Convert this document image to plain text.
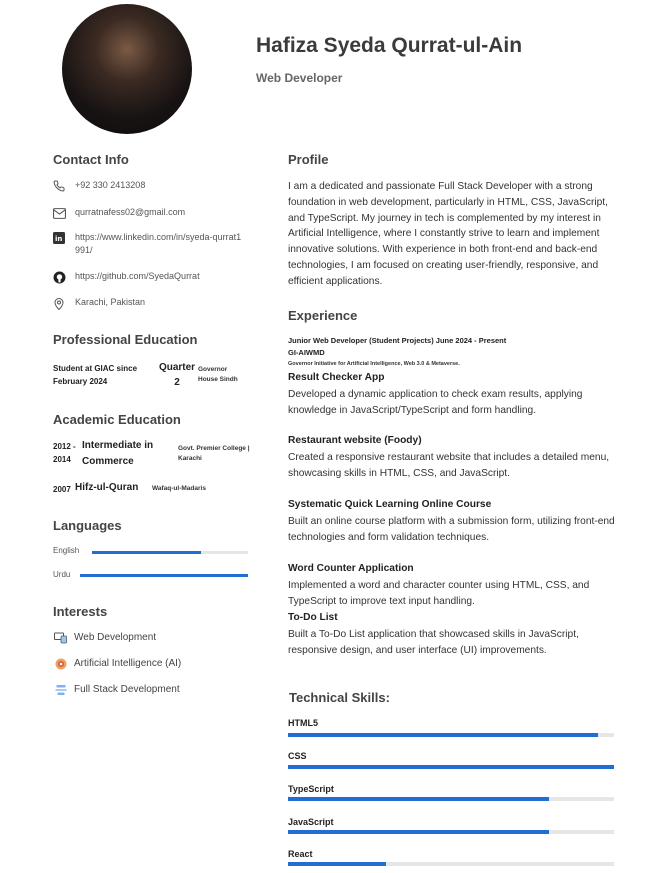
Hafiza Syeda Qurrat-ul-Ain
Web Developer
Contact Info
+92 330 2413208
qurratnafess02@gmail.com
in https://www.linkedin.com/in/syeda-qurrat1991/
https://github.com/SyedaQurrat
Karachi, Pakistan
Professional Education
Student at GIAC since February 2024
Quarter 2
Governor House Sindh
Academic Education
2012 - 2014
Intermediate in Commerce
Govt. Premier College | Karachi
2007 Hifz-ul-Quran Wafaq-ul-Madaris
Languages
English
Urdu
Interests
Web Development
Artificial Intelligence (AI)
Full Stack Development
Profile
I am a dedicated and passionate Full Stack Developer with a strong foundation in web development, particularly in HTML, CSS, JavaScript, and TypeScript. My journey in tech is complemented by my interest in Artificial Intelligence, where I constantly strive to learn and implement innovative solutions. With experience in both front-end and back-end technologies, I am focused on creating user-friendly, responsive, and efficient applications.
Experience
Junior Web Developer (Student Projects) June 2024 - Present
GI-AIWMD
Governor Initiative for Artificial Intelligence, Web 3.0 & Metaverse.
Result Checker App
Developed a dynamic application to check exam results, applying knowledge in JavaScript/TypeScript and form handling.
Restaurant website (Foody)
Created a responsive restaurant website that includes a detailed menu, showcasing skills in HTML, CSS, and JavaScript.
Systematic Quick Learning Online Course
Built an online course platform with a submission form, utilizing front-end technologies and form validation techniques.
Word Counter Application
Implemented a word and character counter using HTML, CSS, and TypeScript to improve text input handling.
To-Do List
Built a To-Do List application that showcased skills in JavaScript, responsive design, and user interface (UI) improvements.
Technical Skills:
HTML5
CSS
TypeScript
JavaScript
React
